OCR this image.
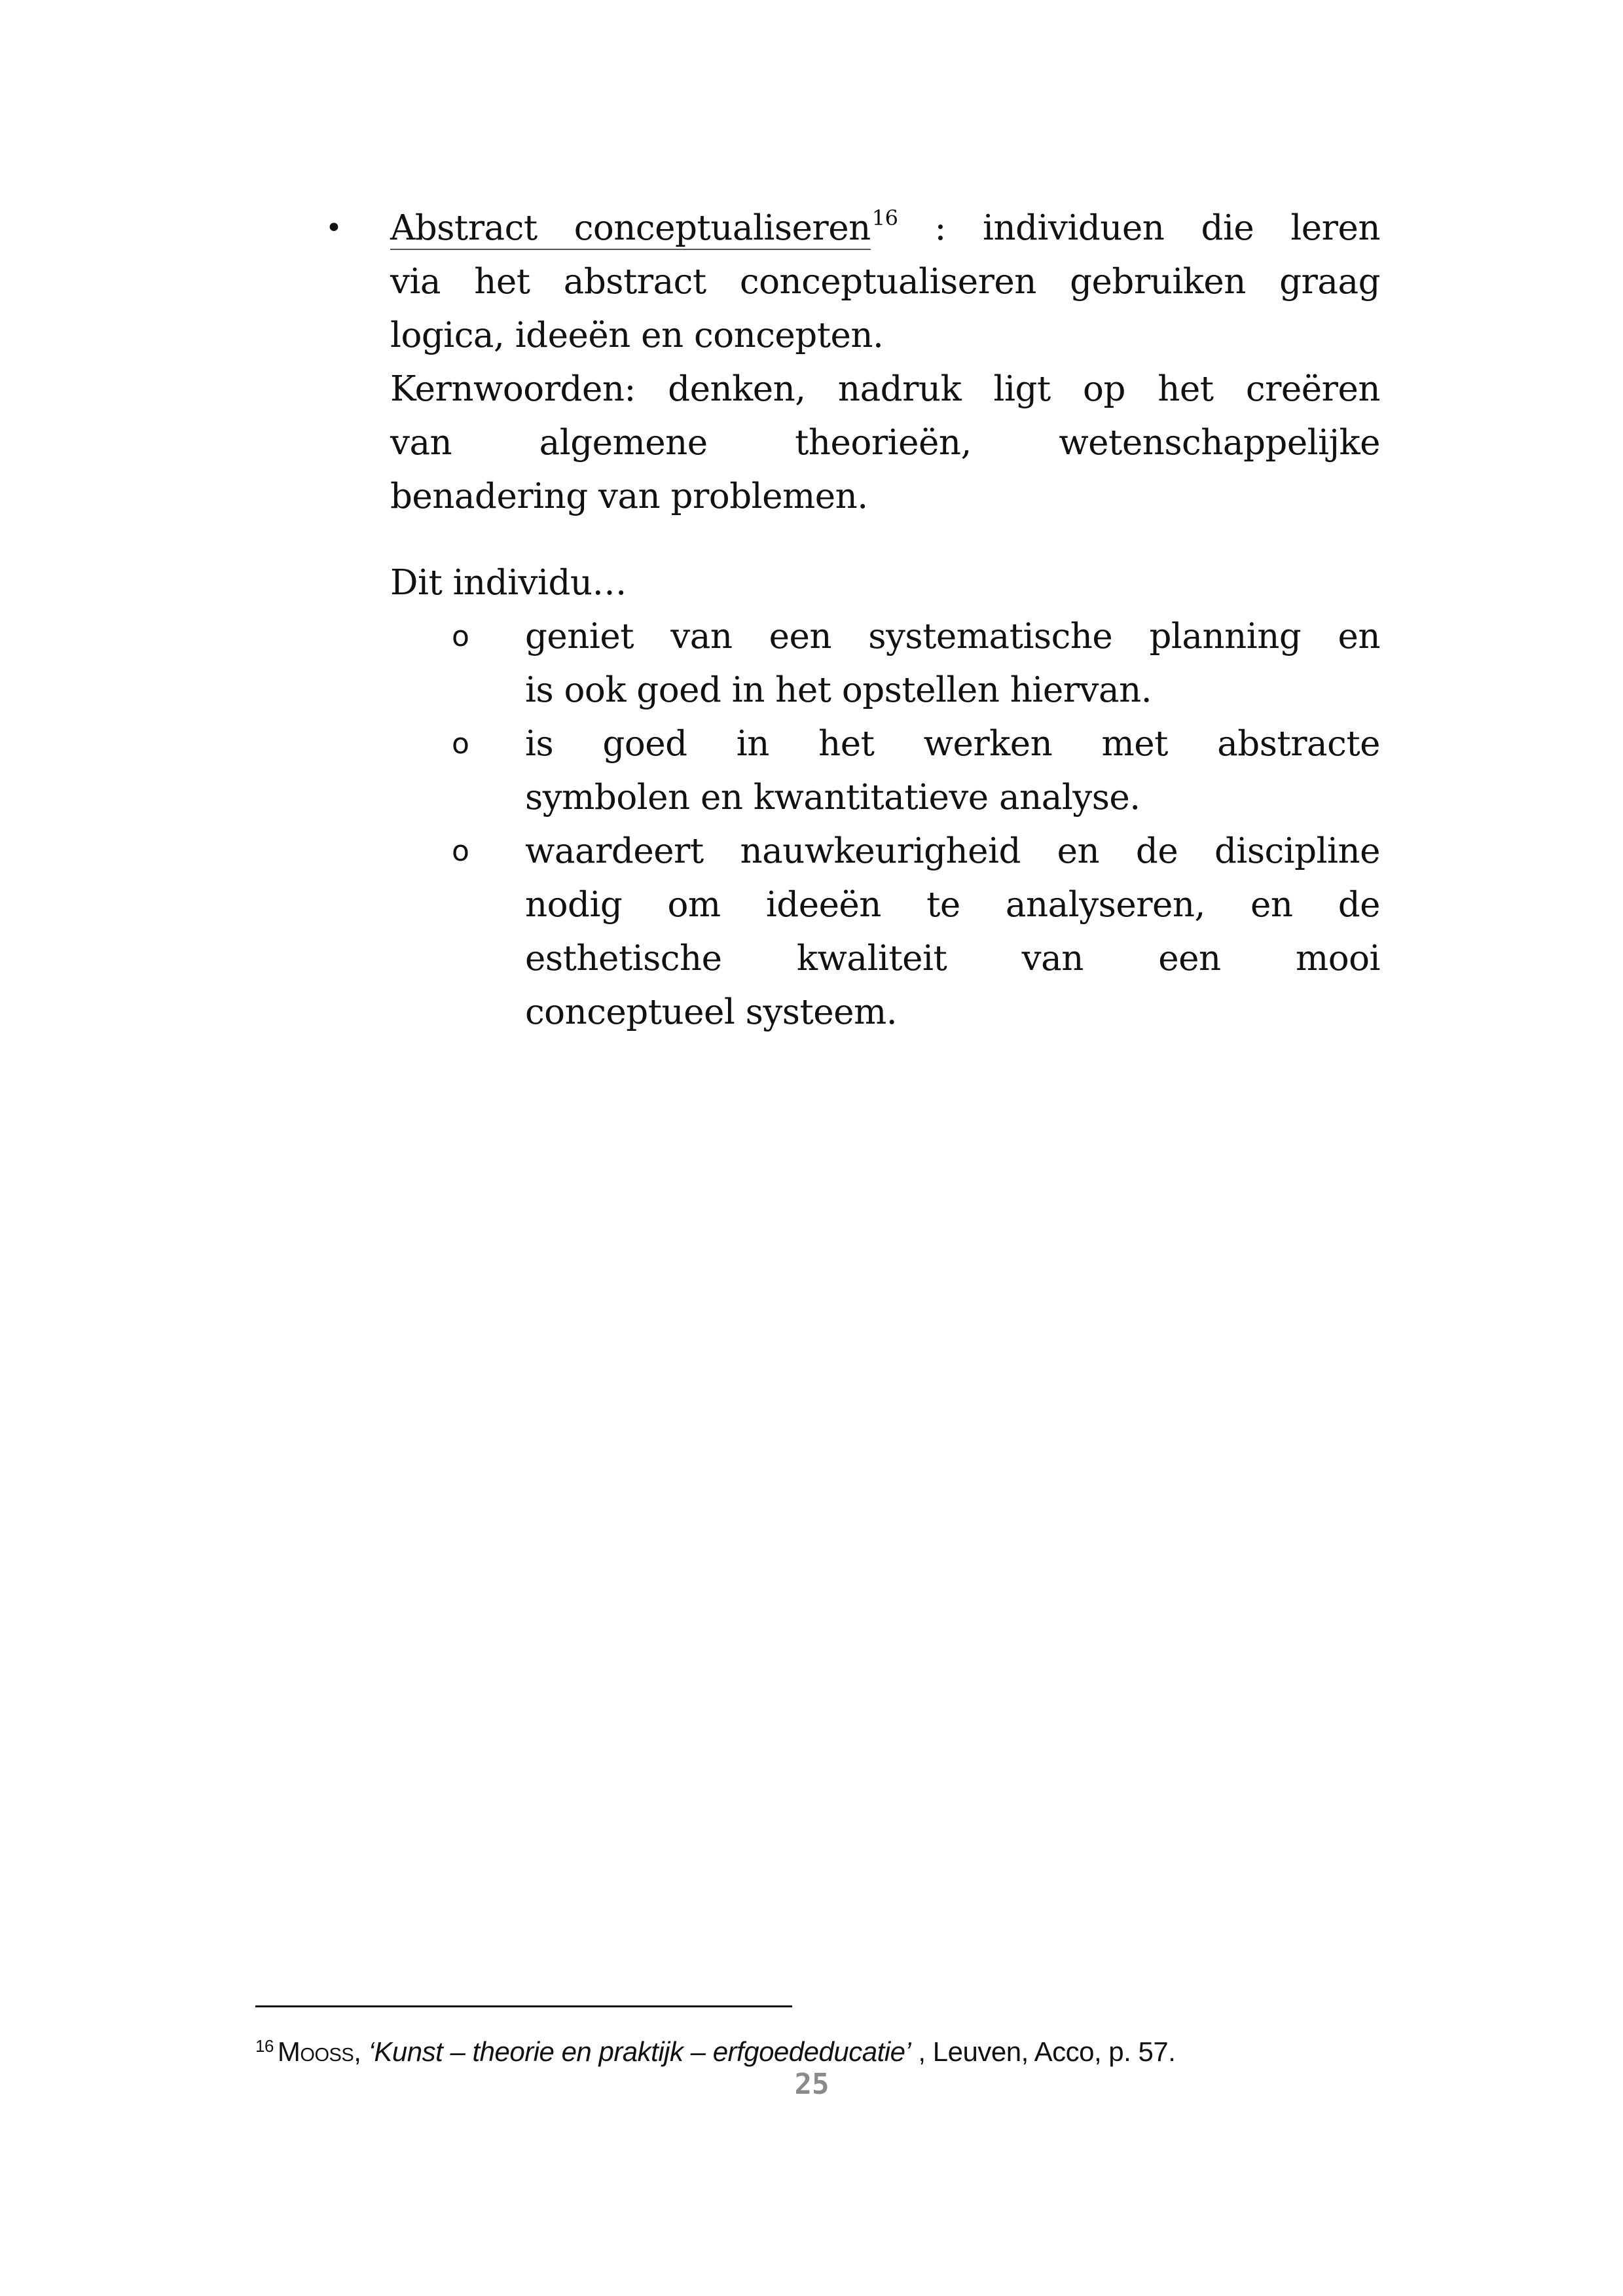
• Abstract conceptualiseren$^{16}$ : individuen die leren
via het abstract conceptualiseren gebruiken graag
logica, ideeën en concepten.
Kernwoorden: denken, nadruk ligt op het creëren
van algemene theorieën, wetenschappelijke
benadering van problemen.
Dit individu…
o geniet van een systematische planning en
is ook goed in het opstellen hiervan.
o is goed in het werken met abstracte
symbolen en kwantitatieve analyse.
o waardeert nauwkeurigheid en de discipline
nodig om ideeën te analyseren, en de
esthetische kwaliteit van een mooi
conceptueel systeem.
$^{16}$ Mooss, ‘Kunst – theorie en praktijk – erfgoededucatie’ , Leuven, Acco, p. 57.
25
